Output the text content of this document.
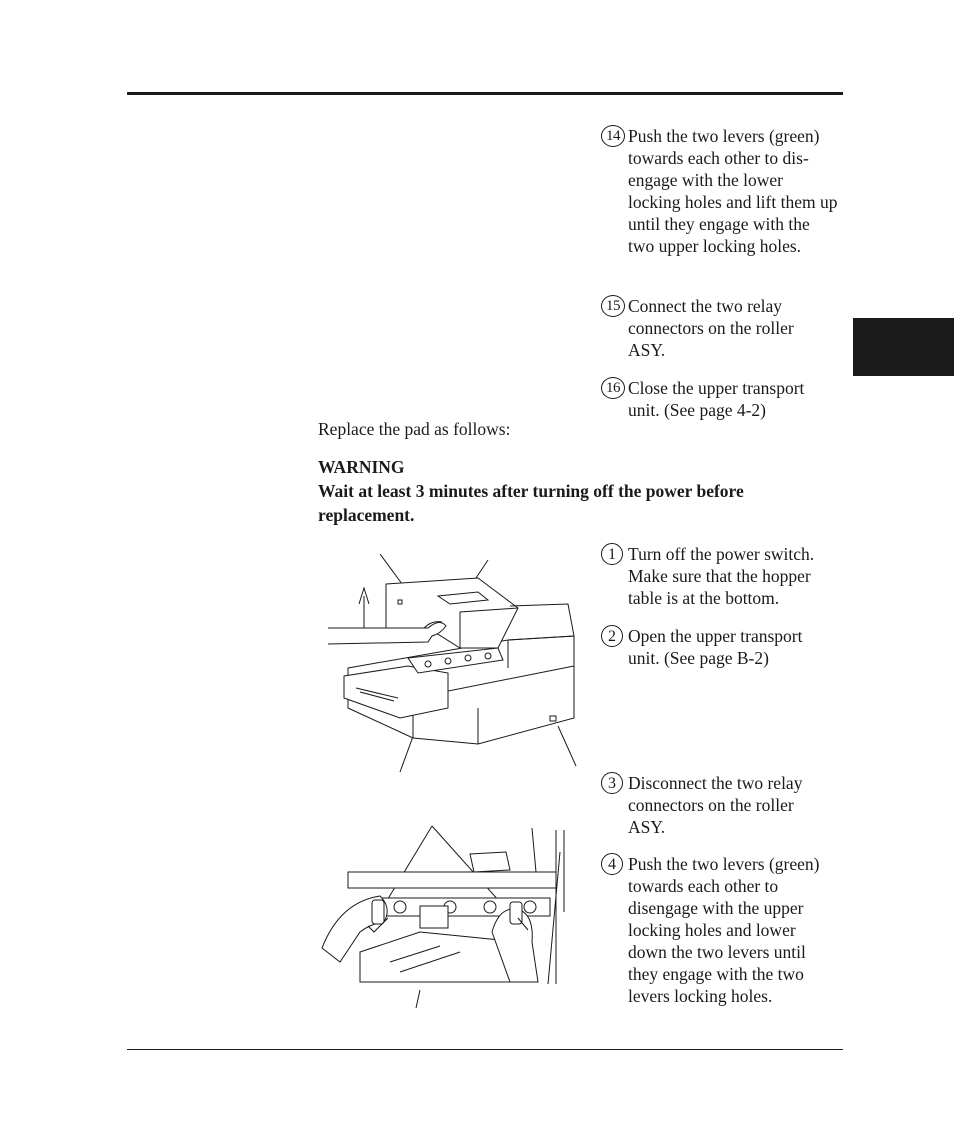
14 Push the two levers (green) towards each other to dis-engage with the lower locking holes and lift them up until they engage with the two upper locking holes.
15 Connect the two relay connectors on the roller ASY.
16 Close the upper transport unit. (See page 4-2)
Replace the pad as follows:
WARNING
Wait at least 3 minutes after turning off the power before replacement.
1 Turn off the power switch. Make sure that the hopper table is at the bottom.
2 Open the upper transport unit. (See page B-2)
3 Disconnect the two relay connectors on the roller ASY.
4 Push the two levers (green) towards each other to disengage with the upper locking holes and lower down the two levers until they engage with the two levers locking holes.
